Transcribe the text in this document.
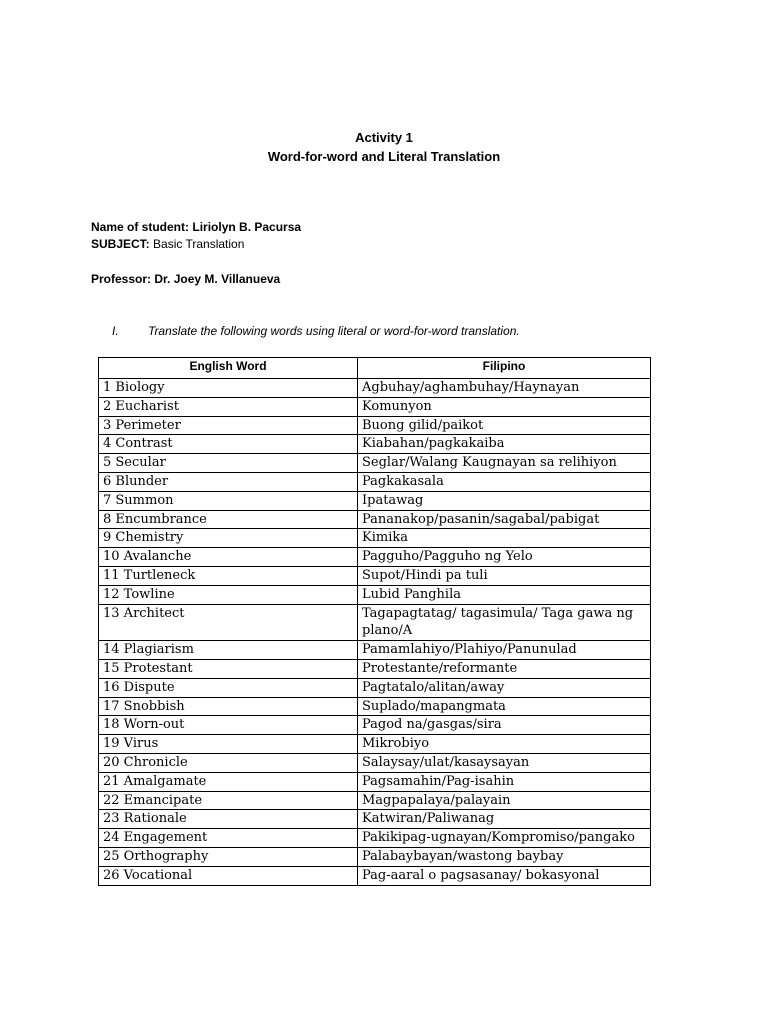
Activity 1
Word-for-word and Literal Translation
Name of student: Liriolyn B. Pacursa
SUBJECT: Basic Translation
Professor: Dr. Joey M. Villanueva
I. Translate the following words using literal or word-for-word translation.
English Word	Filipino
1 Biology	Agbuhay/aghambuhay/Haynayan
2 Eucharist	Komunyon
3 Perimeter	Buong gilid/paikot
4 Contrast	Kiabahan/pagkakaiba
5 Secular	Seglar/Walang Kaugnayan sa relihiyon
6 Blunder	Pagkakasala
7 Summon	Ipatawag
8 Encumbrance	Pananakop/pasanin/sagabal/pabigat
9 Chemistry	Kimika
10 Avalanche	Pagguho/Pagguho ng Yelo
11 Turtleneck	Supot/Hindi pa tuli
12 Towline	Lubid Panghila
13 Architect	Tagapagtatag/ tagasimula/ Taga gawa ng plano/A
14 Plagiarism	Pamamlahiyo/Plahiyo/Panunulad
15 Protestant	Protestante/reformante
16 Dispute	Pagtatalo/alitan/away
17 Snobbish	Suplado/mapangmata
18 Worn-out	Pagod na/gasgas/sira
19 Virus	Mikrobiyo
20 Chronicle	Salaysay/ulat/kasaysayan
21 Amalgamate	Pagsamahin/Pag-isahin
22 Emancipate	Magpapalaya/palayain
23 Rationale	Katwiran/Paliwanag
24 Engagement	Pakikipag-ugnayan/Kompromiso/pangako
25 Orthography	Palabaybayan/wastong baybay
26 Vocational	Pag-aaral o pagsasanay/ bokasyonal
